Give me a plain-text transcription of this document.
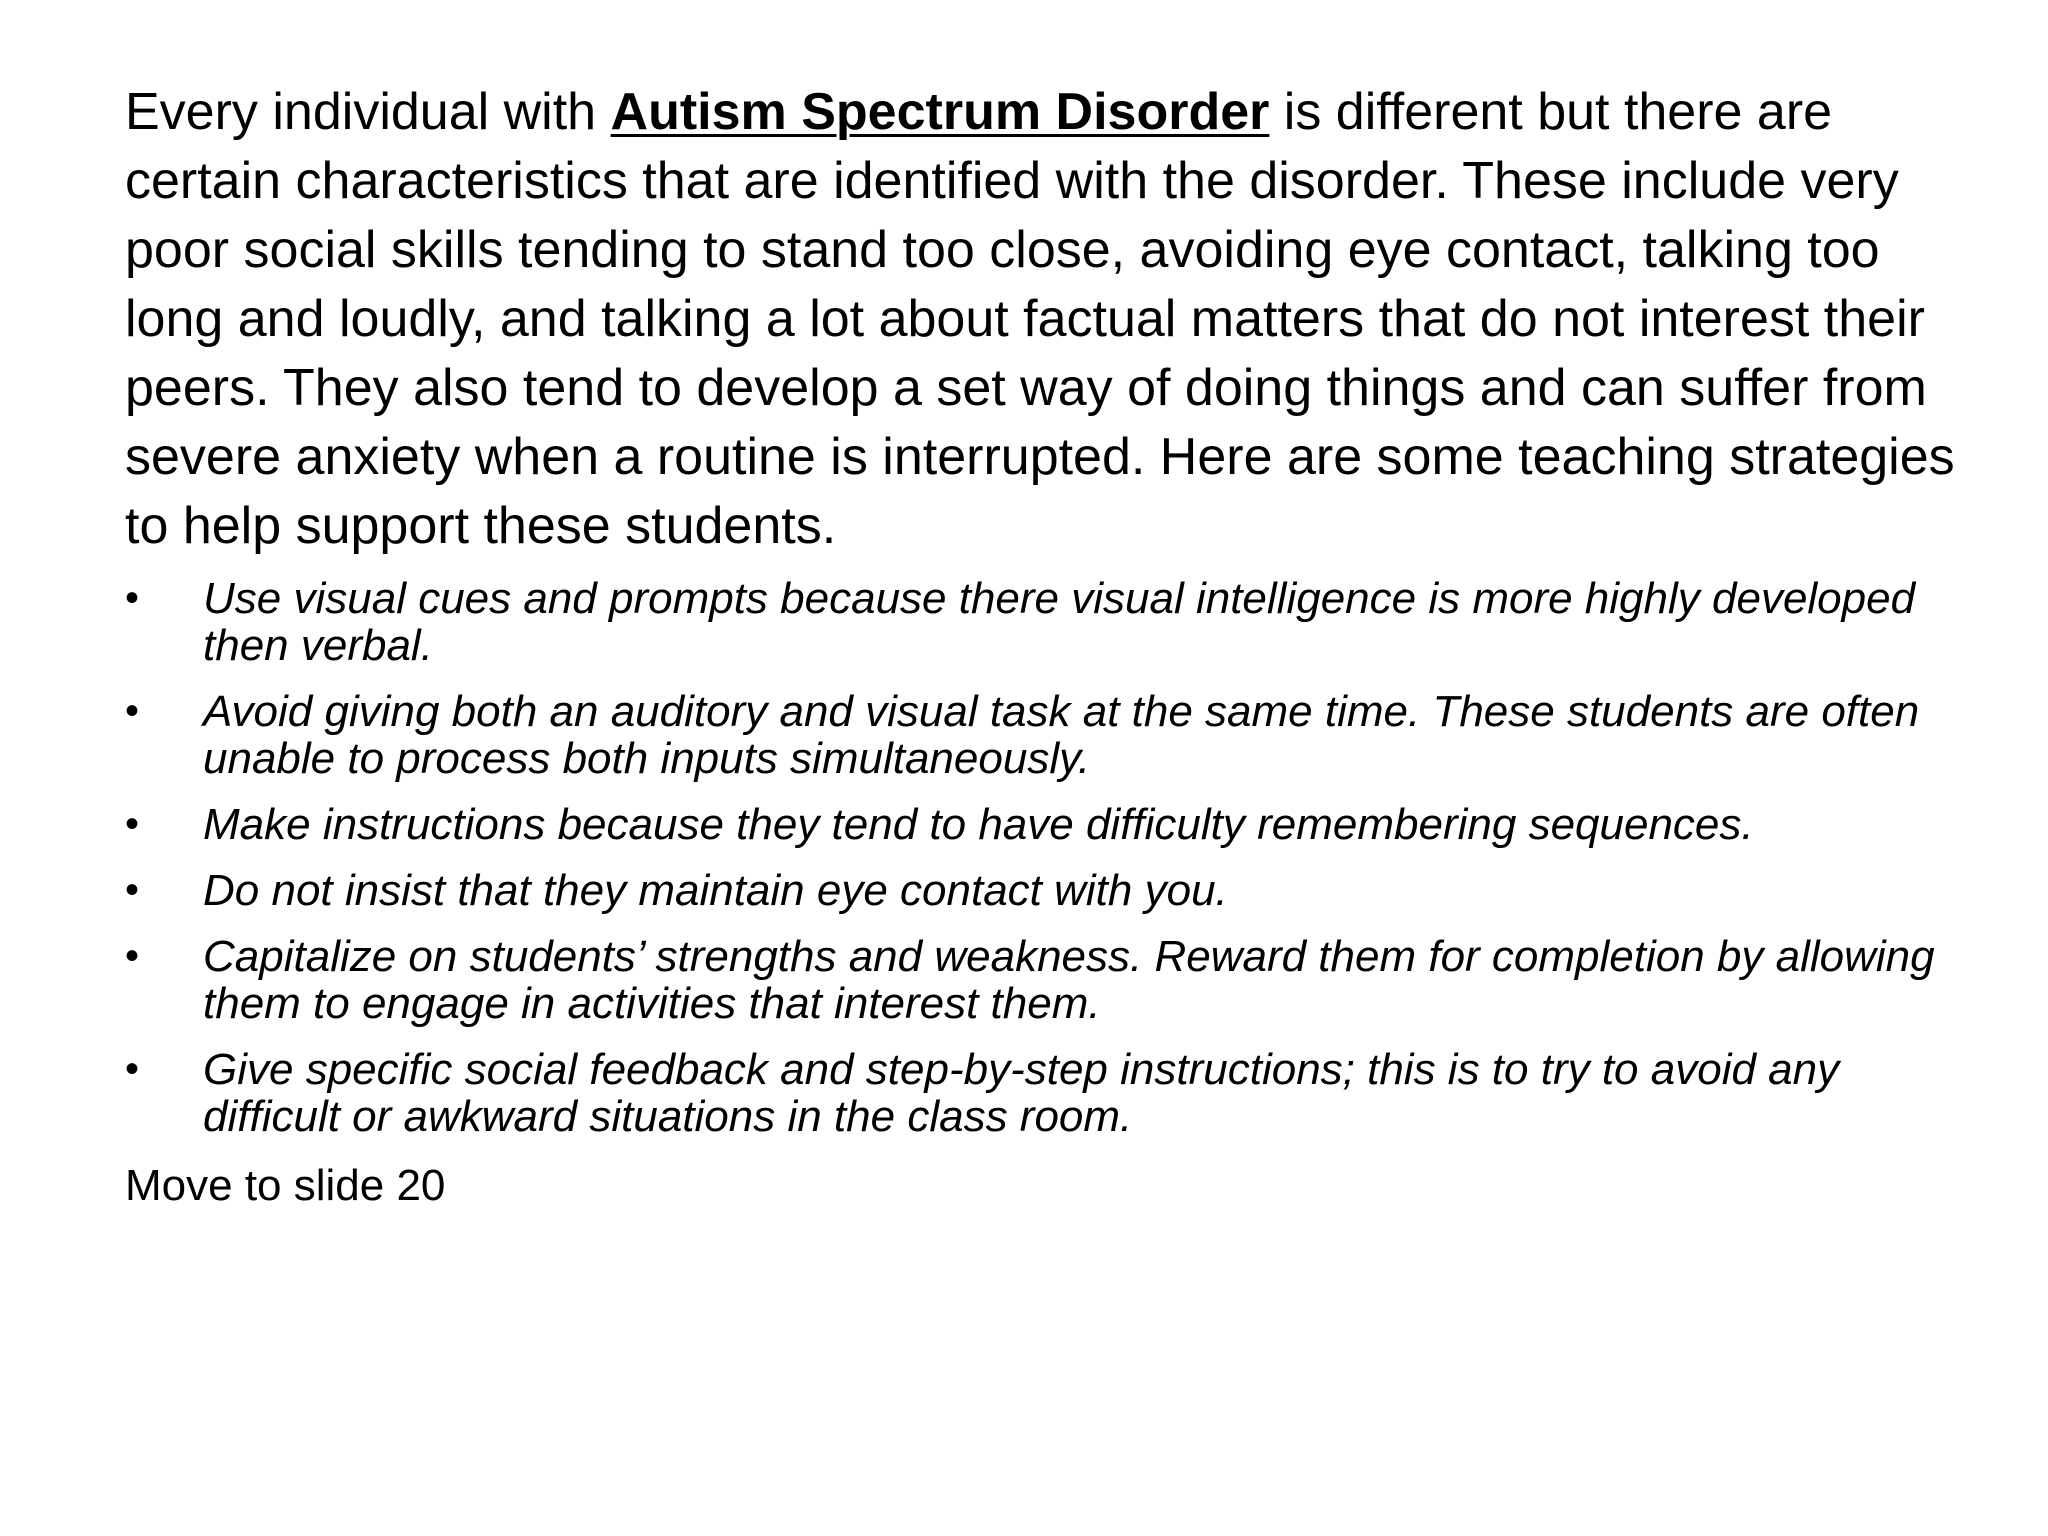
Every individual with Autism Spectrum Disorder is different but there are certain characteristics that are identified with the disorder. These include very poor social skills tending to stand too close, avoiding eye contact, talking too long and loudly, and talking a lot about factual matters that do not interest their peers. They also tend to develop a set way of doing things and can suffer from severe anxiety when a routine is interrupted. Here are some teaching strategies to help support these students.

• Use visual cues and prompts because there visual intelligence is more highly developed then verbal.
• Avoid giving both an auditory and visual task at the same time. These students are often unable to process both inputs simultaneously.
• Make instructions because they tend to have difficulty remembering sequences.
• Do not insist that they maintain eye contact with you.
• Capitalize on students’ strengths and weakness. Reward them for completion by allowing them to engage in activities that interest them.
• Give specific social feedback and step-by-step instructions; this is to try to avoid any difficult or awkward situations in the class room.

Move to slide 20
